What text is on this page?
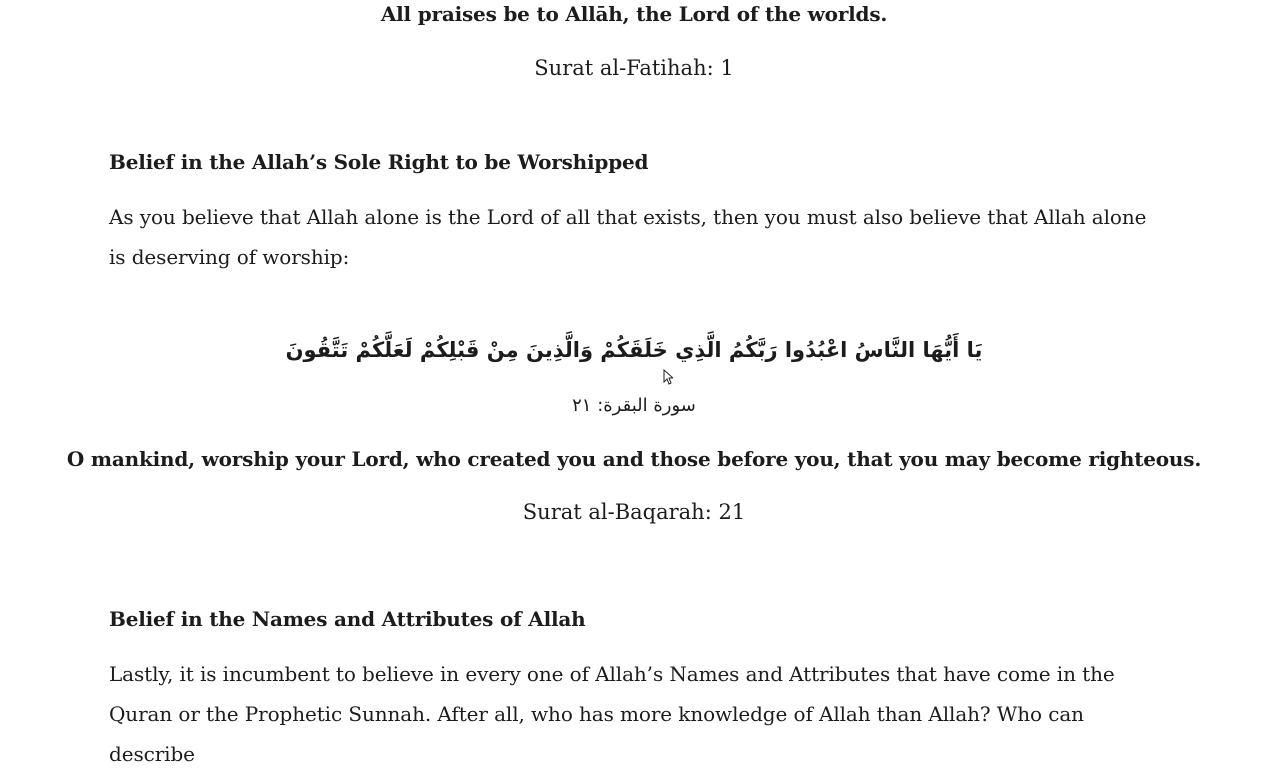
All praises be to Allāh, the Lord of the worlds.
Surat al-Fatihah: 1
Belief in the Allah’s Sole Right to be Worshipped
As you believe that Allah alone is the Lord of all that exists, then you must also believe that Allah alone is deserving of worship:
يَا أَيُّهَا النَّاسُ اعْبُدُوا رَبَّكُمُ الَّذِي خَلَقَكُمْ وَالَّذِينَ مِنْ قَبْلِكُمْ لَعَلَّكُمْ تَتَّقُونَ
سورة البقرة: ٢١
O mankind, worship your Lord, who created you and those before you, that you may become righteous.
Surat al-Baqarah: 21
Belief in the Names and Attributes of Allah
Lastly, it is incumbent to believe in every one of Allah’s Names and Attributes that have come in the Quran or the Prophetic Sunnah. After all, who has more knowledge of Allah than Allah? Who can describe
